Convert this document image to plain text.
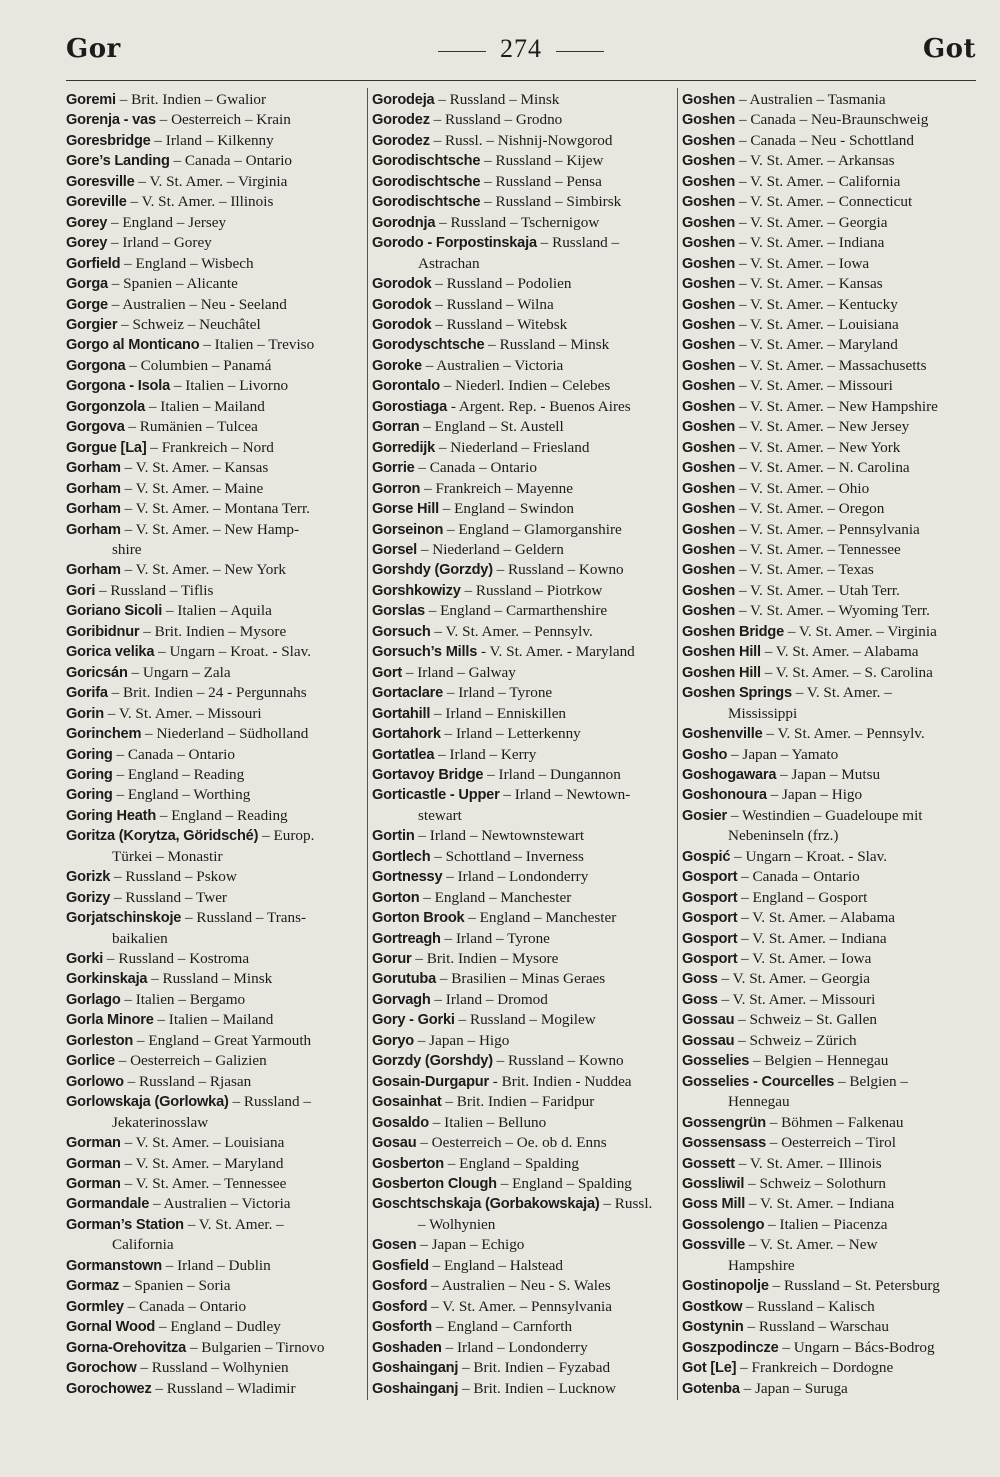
Gor	274	Got
Goremi – Brit. Indien – Gwalior
Gorenja - vas – Oesterreich – Krain
Goresbridge – Irland – Kilkenny
Gore’s Landing – Canada – Ontario
Goresville – V. St. Amer. – Virginia
Goreville – V. St. Amer. – Illinois
Gorey – England – Jersey
Gorey – Irland – Gorey
Gorfield – England – Wisbech
Gorga – Spanien – Alicante
Gorge – Australien – Neu - Seeland
Gorgier – Schweiz – Neuchâtel
Gorgo al Monticano – Italien – Treviso
Gorgona – Columbien – Panamá
Gorgona - Isola – Italien – Livorno
Gorgonzola – Italien – Mailand
Gorgova – Rumänien – Tulcea
Gorgue [La] – Frankreich – Nord
Gorham – V. St. Amer. – Kansas
Gorham – V. St. Amer. – Maine
Gorham – V. St. Amer. – Montana Terr.
Gorham – V. St. Amer. – New Hamp-
shire
Gorham – V. St. Amer. – New York
Gori – Russland – Tiflis
Goriano Sicoli – Italien – Aquila
Goribidnur – Brit. Indien – Mysore
Gorica velika – Ungarn – Kroat. - Slav.
Goricsán – Ungarn – Zala
Gorifa – Brit. Indien – 24 - Pergunnahs
Gorin – V. St. Amer. – Missouri
Gorinchem – Niederland – Südholland
Goring – Canada – Ontario
Goring – England – Reading
Goring – England – Worthing
Goring Heath – England – Reading
Goritza (Korytza, Göridsché) – Europ.
Türkei – Monastir
Gorizk – Russland – Pskow
Gorizy – Russland – Twer
Gorjatschinskoje – Russland – Trans-
baikalien
Gorki – Russland – Kostroma
Gorkinskaja – Russland – Minsk
Gorlago – Italien – Bergamo
Gorla Minore – Italien – Mailand
Gorleston – England – Great Yarmouth
Gorlice – Oesterreich – Galizien
Gorlowo – Russland – Rjasan
Gorlowskaja (Gorlowka) – Russland –
Jekaterinosslaw
Gorman – V. St. Amer. – Louisiana
Gorman – V. St. Amer. – Maryland
Gorman – V. St. Amer. – Tennessee
Gormandale – Australien – Victoria
Gorman’s Station – V. St. Amer. –
California
Gormanstown – Irland – Dublin
Gormaz – Spanien – Soria
Gormley – Canada – Ontario
Gornal Wood – England – Dudley
Gorna-Orehovitza – Bulgarien – Tirnovo
Gorochow – Russland – Wolhynien
Gorochowez – Russland – Wladimir
Gorodeja – Russland – Minsk
Gorodez – Russland – Grodno
Gorodez – Russl. – Nishnij-Nowgorod
Gorodischtsche – Russland – Kijew
Gorodischtsche – Russland – Pensa
Gorodischtsche – Russland – Simbirsk
Gorodnja – Russland – Tschernigow
Gorodo - Forpostinskaja – Russland –
Astrachan
Gorodok – Russland – Podolien
Gorodok – Russland – Wilna
Gorodok – Russland – Witebsk
Gorodyschtsche – Russland – Minsk
Goroke – Australien – Victoria
Gorontalo – Niederl. Indien – Celebes
Gorostiaga - Argent. Rep. - Buenos Aires
Gorran – England – St. Austell
Gorredijk – Niederland – Friesland
Gorrie – Canada – Ontario
Gorron – Frankreich – Mayenne
Gorse Hill – England – Swindon
Gorseinon – England – Glamorganshire
Gorsel – Niederland – Geldern
Gorshdy (Gorzdy) – Russland – Kowno
Gorshkowizy – Russland – Piotrkow
Gorslas – England – Carmarthenshire
Gorsuch – V. St. Amer. – Pennsylv.
Gorsuch’s Mills - V. St. Amer. - Maryland
Gort – Irland – Galway
Gortaclare – Irland – Tyrone
Gortahill – Irland – Enniskillen
Gortahork – Irland – Letterkenny
Gortatlea – Irland – Kerry
Gortavoy Bridge – Irland – Dungannon
Gorticastle - Upper – Irland – Newtown-
stewart
Gortin – Irland – Newtownstewart
Gortlech – Schottland – Inverness
Gortnessy – Irland – Londonderry
Gorton – England – Manchester
Gorton Brook – England – Manchester
Gortreagh – Irland – Tyrone
Gorur – Brit. Indien – Mysore
Gorutuba – Brasilien – Minas Geraes
Gorvagh – Irland – Dromod
Gory - Gorki – Russland – Mogilew
Goryo – Japan – Higo
Gorzdy (Gorshdy) – Russland – Kowno
Gosain-Durgapur - Brit. Indien - Nuddea
Gosainhat – Brit. Indien – Faridpur
Gosaldo – Italien – Belluno
Gosau – Oesterreich – Oe. ob d. Enns
Gosberton – England – Spalding
Gosberton Clough – England – Spalding
Goschtschskaja (Gorbakowskaja) – Russl.
– Wolhynien
Gosen – Japan – Echigo
Gosfield – England – Halstead
Gosford – Australien – Neu - S. Wales
Gosford – V. St. Amer. – Pennsylvania
Gosforth – England – Carnforth
Goshaden – Irland – Londonderry
Goshainganj – Brit. Indien – Fyzabad
Goshainganj – Brit. Indien – Lucknow
Goshen – Australien – Tasmania
Goshen – Canada – Neu-Braunschweig
Goshen – Canada – Neu - Schottland
Goshen – V. St. Amer. – Arkansas
Goshen – V. St. Amer. – California
Goshen – V. St. Amer. – Connecticut
Goshen – V. St. Amer. – Georgia
Goshen – V. St. Amer. – Indiana
Goshen – V. St. Amer. – Iowa
Goshen – V. St. Amer. – Kansas
Goshen – V. St. Amer. – Kentucky
Goshen – V. St. Amer. – Louisiana
Goshen – V. St. Amer. – Maryland
Goshen – V. St. Amer. – Massachusetts
Goshen – V. St. Amer. – Missouri
Goshen – V. St. Amer. – New Hampshire
Goshen – V. St. Amer. – New Jersey
Goshen – V. St. Amer. – New York
Goshen – V. St. Amer. – N. Carolina
Goshen – V. St. Amer. – Ohio
Goshen – V. St. Amer. – Oregon
Goshen – V. St. Amer. – Pennsylvania
Goshen – V. St. Amer. – Tennessee
Goshen – V. St. Amer. – Texas
Goshen – V. St. Amer. – Utah Terr.
Goshen – V. St. Amer. – Wyoming Terr.
Goshen Bridge – V. St. Amer. – Virginia
Goshen Hill – V. St. Amer. – Alabama
Goshen Hill – V. St. Amer. – S. Carolina
Goshen Springs – V. St. Amer. –
Mississippi
Goshenville – V. St. Amer. – Pennsylv.
Gosho – Japan – Yamato
Goshogawara – Japan – Mutsu
Goshonoura – Japan – Higo
Gosier – Westindien – Guadeloupe mit
Nebeninseln (frz.)
Gospić – Ungarn – Kroat. - Slav.
Gosport – Canada – Ontario
Gosport – England – Gosport
Gosport – V. St. Amer. – Alabama
Gosport – V. St. Amer. – Indiana
Gosport – V. St. Amer. – Iowa
Goss – V. St. Amer. – Georgia
Goss – V. St. Amer. – Missouri
Gossau – Schweiz – St. Gallen
Gossau – Schweiz – Zürich
Gosselies – Belgien – Hennegau
Gosselies - Courcelles – Belgien –
Hennegau
Gossengrün – Böhmen – Falkenau
Gossensass – Oesterreich – Tirol
Gossett – V. St. Amer. – Illinois
Gossliwil – Schweiz – Solothurn
Goss Mill – V. St. Amer. – Indiana
Gossolengo – Italien – Piacenza
Gossville – V. St. Amer. – New
Hampshire
Gostinopolje – Russland – St. Petersburg
Gostkow – Russland – Kalisch
Gostynin – Russland – Warschau
Goszpodincze – Ungarn – Bács-Bodrog
Got [Le] – Frankreich – Dordogne
Gotenba – Japan – Suruga
